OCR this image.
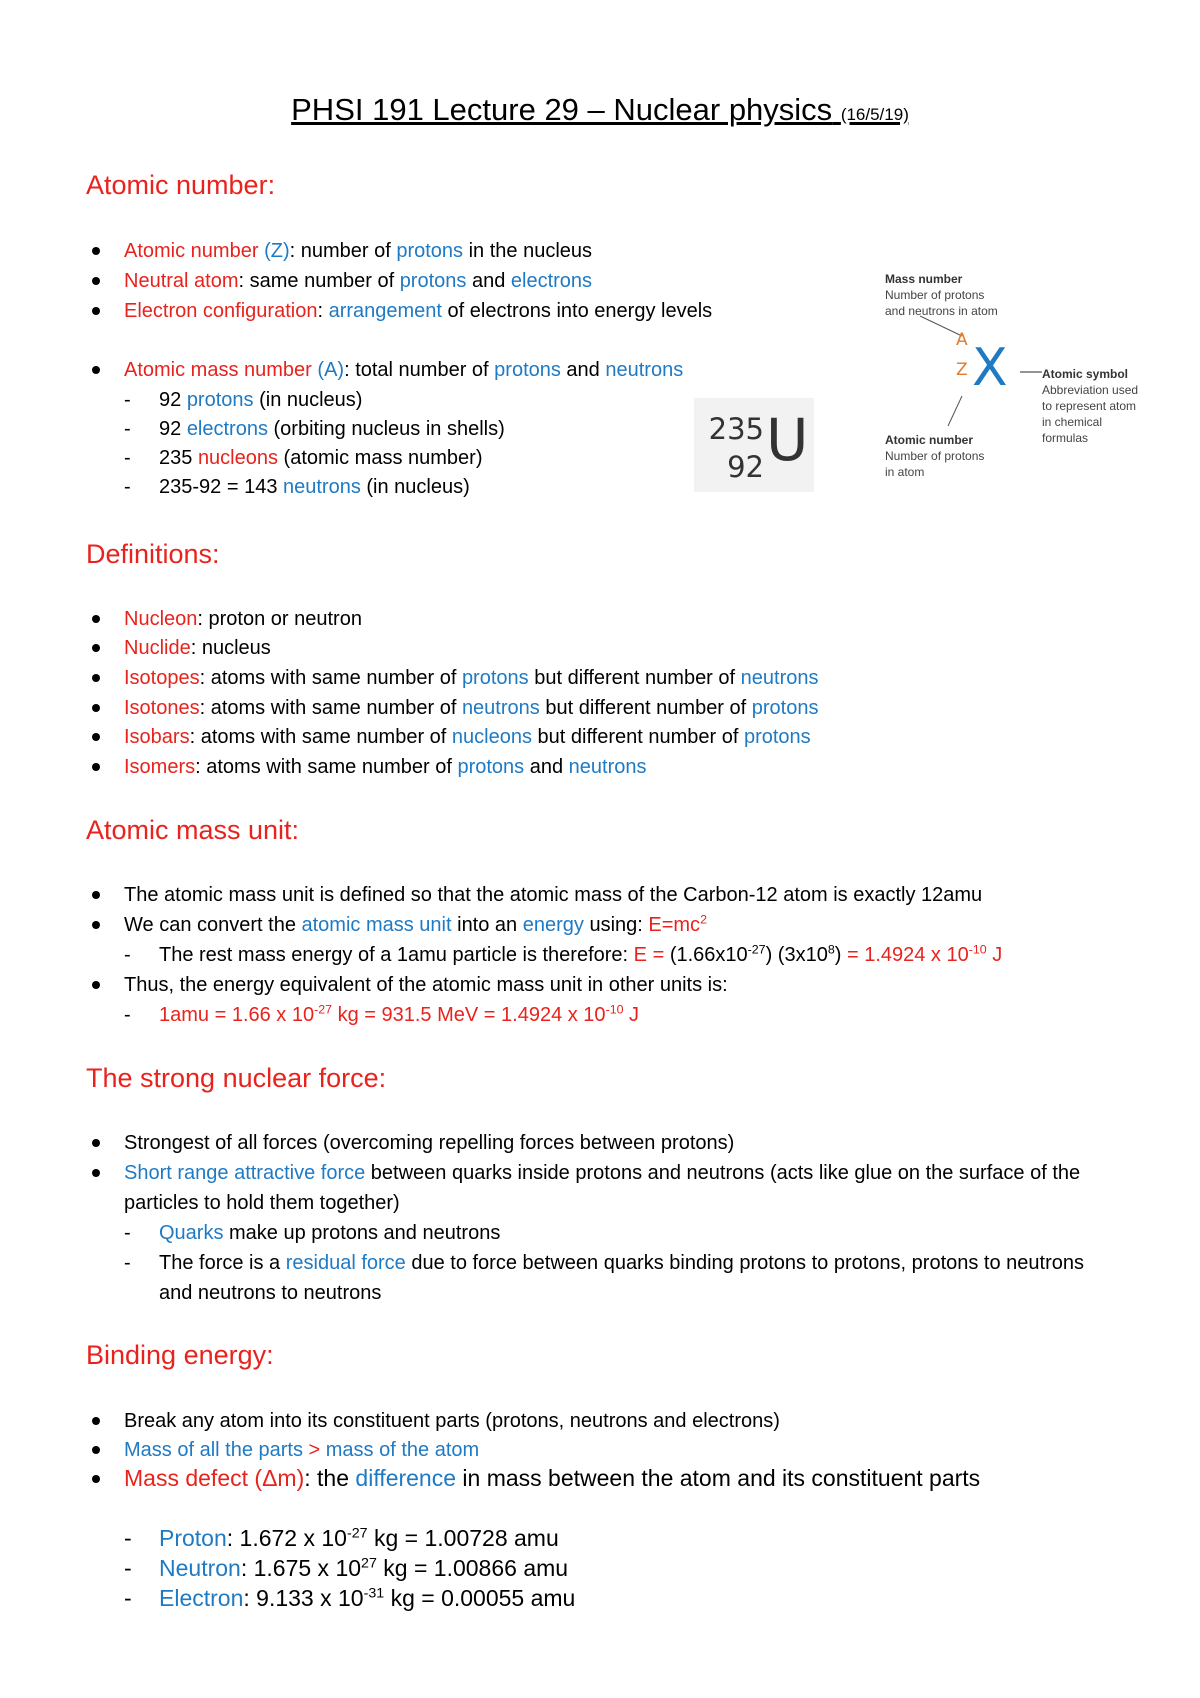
PHSI 191 Lecture 29 – Nuclear physics (16/5/19)
Atomic number:
Atomic number (Z): number of protons in the nucleus
Neutral atom: same number of protons and electrons
Electron configuration: arrangement of electrons into energy levels
Atomic mass number (A): total number of protons and neutrons
- 92 protons (in nucleus)
- 92 electrons (orbiting nucleus in shells)
- 235 nucleons (atomic mass number)
- 235-92 = 143 neutrons (in nucleus)
235
92 U
Mass number
Number of protons
and neutrons in atom
A
Z X	Atomic symbol
Abbreviation used
to represent atom
in chemical
formulas
Atomic number
Number of protons
in atom
Definitions:
Nucleon: proton or neutron
Nuclide: nucleus
Isotopes: atoms with same number of protons but different number of neutrons
Isotones: atoms with same number of neutrons but different number of protons
Isobars: atoms with same number of nucleons but different number of protons
Isomers: atoms with same number of protons and neutrons
Atomic mass unit:
The atomic mass unit is defined so that the atomic mass of the Carbon-12 atom is exactly 12amu
We can convert the atomic mass unit into an energy using: $E=mc^2$
- The rest mass energy of a 1amu particle is therefore: $E = (1.66x10^{-27}) (3x10^8) = 1.4924$ x $10^{-10}$ J
Thus, the energy equivalent of the atomic mass unit in other units is:
- 1amu = 1.66 x $10^{-27}$ kg = 931.5 MeV = 1.4924 x $10^{-10}$ J
The strong nuclear force:
Strongest of all forces (overcoming repelling forces between protons)
Short range attractive force between quarks inside protons and neutrons (acts like glue on the surface of the particles to hold them together)
- Quarks make up protons and neutrons
- The force is a residual force due to force between quarks binding protons to protons, protons to neutrons and neutrons to neutrons
Binding energy:
Break any atom into its constituent parts (protons, neutrons and electrons)
Mass of all the parts > mass of the atom
Mass defect (Δm): the difference in mass between the atom and its constituent parts
- Proton: 1.672 x $10^{-27}$ kg = 1.00728 amu
- Neutron: 1.675 x $10^{27}$ kg = 1.00866 amu
- Electron: 9.133 x $10^{-31}$ kg = 0.00055 amu
